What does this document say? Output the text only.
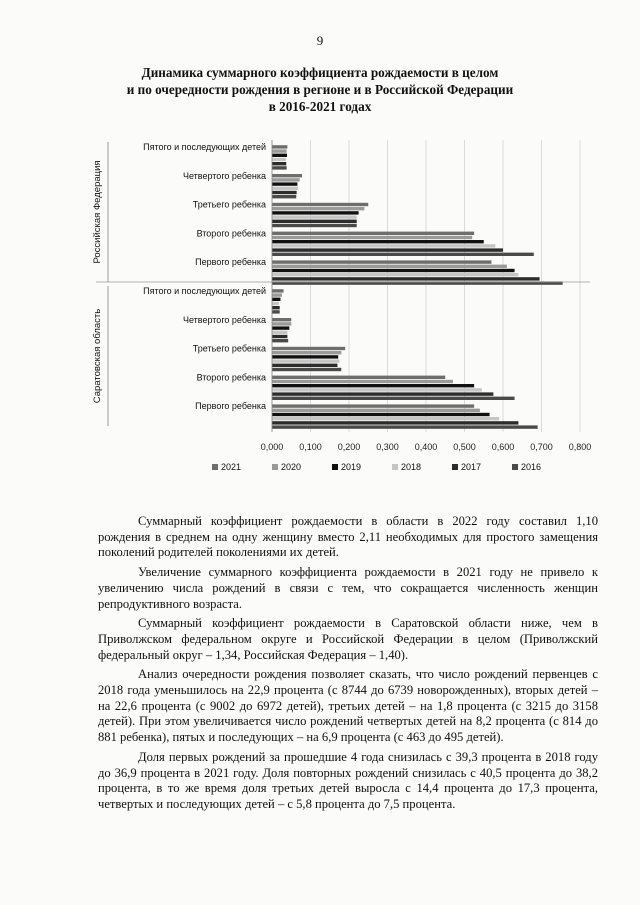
9
Динамика суммарного коэффициента рождаемости в целом
и по очередности рождения в регионе и в Российской Федерации
в 2016-2021 годах
0,000 0,100 0,200 0,300 0,400 0,500 0,600 0,700 0,800
Российская Федерация
Пятого и последующих детей
Четвертого ребенка
Третьего ребенка
Второго ребенка
Первого ребенка
Саратовская область
Пятого и последующих детей
Четвертого ребенка
Третьего ребенка
Второго ребенка
Первого ребенка
2021	2020	2019	2018	2017	2016

Суммарный коэффициент рождаемости в области в 2022 году составил 1,10 рождения в среднем на одну женщину вместо 2,11 необходимых для простого замещения поколений родителей поколениями их детей.

Увеличение суммарного коэффициента рождаемости в 2021 году не привело к увеличению числа рождений в связи с тем, что сокращается численность женщин репродуктивного возраста.

Суммарный коэффициент рождаемости в Саратовской области ниже, чем в Приволжском федеральном округе и Российской Федерации в целом (Приволжский федеральный округ – 1,34, Российская Федерация – 1,40).

Анализ очередности рождения позволяет сказать, что число рождений первенцев с 2018 года уменьшилось на 22,9 процента (с 8744 до 6739 новорожденных), вторых детей – на 22,6 процента (с 9002 до 6972 детей), третьих детей – на 1,8 процента (с 3215 до 3158 детей). При этом увеличивается число рождений четвертых детей на 8,2 процента (с 814 до 881 ребенка), пятых и последующих – на 6,9 процента (с 463 до 495 детей).

Доля первых рождений за прошедшие 4 года снизилась с 39,3 процента в 2018 году до 36,9 процента в 2021 году. Доля повторных рождений снизилась с 40,5 процента до 38,2 процента, в то же время доля третьих детей выросла с 14,4 процента до 17,3 процента, четвертых и последующих детей – с 5,8 процента до 7,5 процента.
